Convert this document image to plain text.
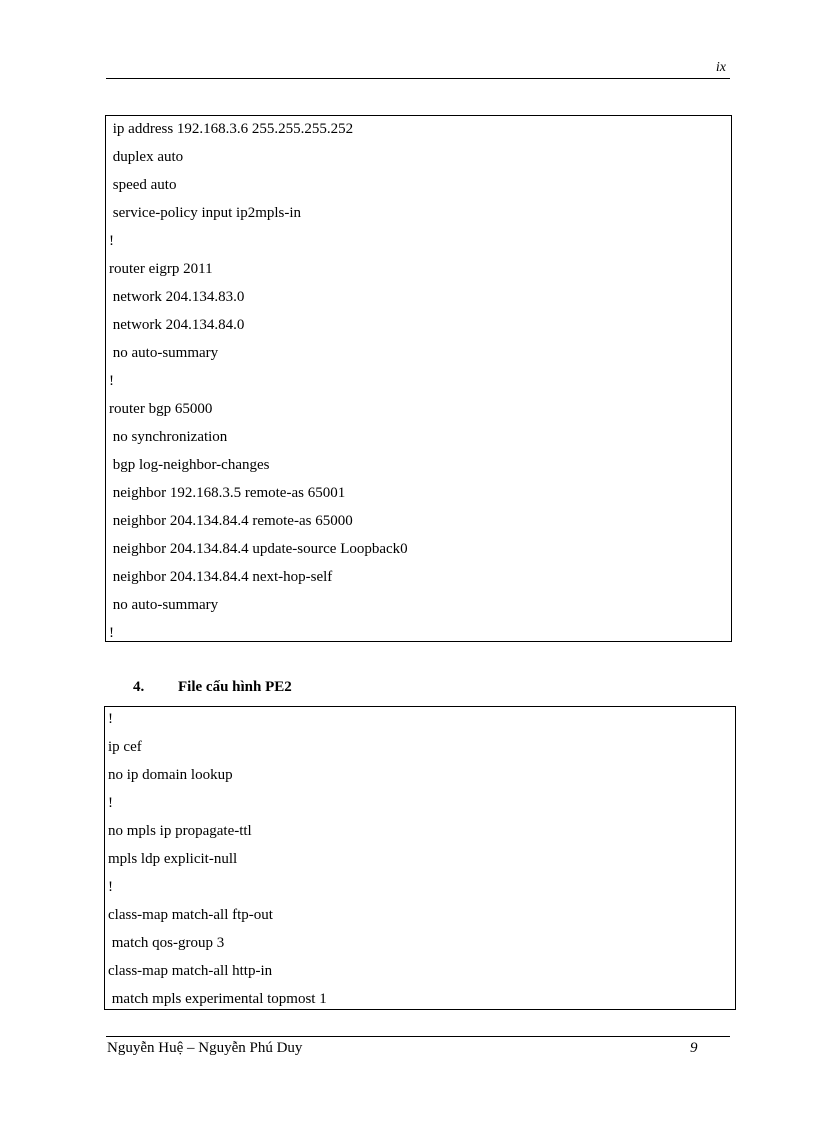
ix
ip address 192.168.3.6 255.255.255.252
duplex auto
speed auto
service-policy input ip2mpls-in
!
router eigrp 2011
network 204.134.83.0
network 204.134.84.0
no auto-summary
!
router bgp 65000
no synchronization
bgp log-neighbor-changes
neighbor 192.168.3.5 remote-as 65001
neighbor 204.134.84.4 remote-as 65000
neighbor 204.134.84.4 update-source Loopback0
neighbor 204.134.84.4 next-hop-self
no auto-summary
!
4. File cấu hình PE2
!
ip cef
no ip domain lookup
!
no mpls ip propagate-ttl
mpls ldp explicit-null
!
class-map match-all ftp-out
match qos-group 3
class-map match-all http-in
match mpls experimental topmost 1
Nguyễn Huệ – Nguyễn Phú Duy	9
